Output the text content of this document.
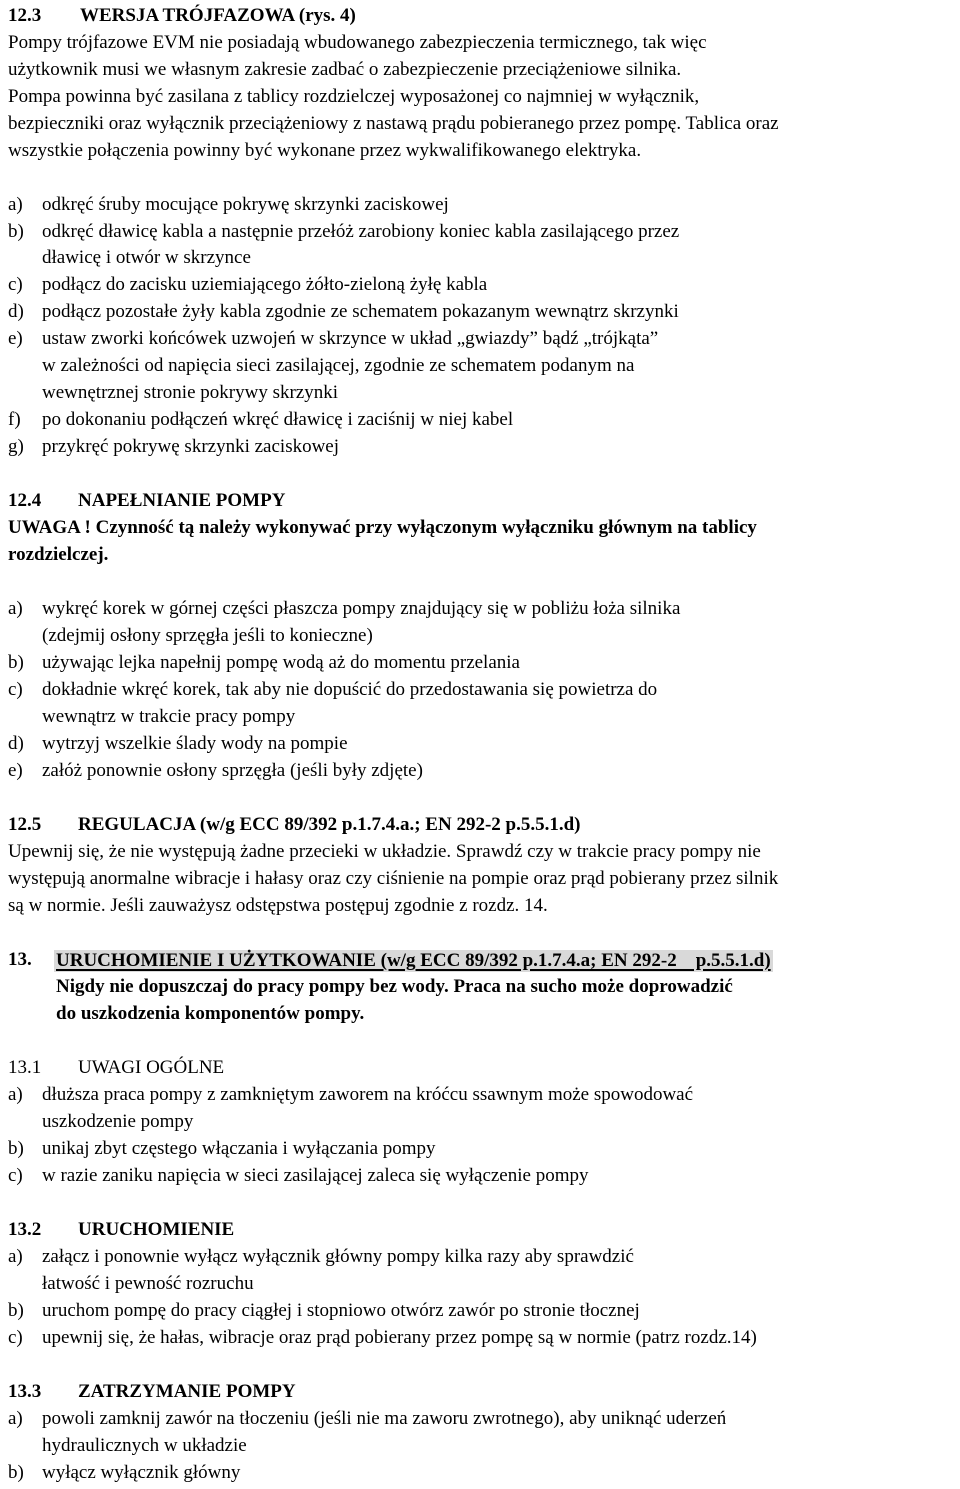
12.3 WERSJA TRÓJFAZOWA (rys. 4)
Pompy trójfazowe EVM nie posiadają wbudowanego zabezpieczenia termicznego, tak więc
użytkownik musi we własnym zakresie zadbać o zabezpieczenie przeciążeniowe silnika.
Pompa powinna być zasilana z tablicy rozdzielczej wyposażonej co najmniej w wyłącznik,
bezpieczniki oraz wyłącznik przeciążeniowy z nastawą prądu pobieranego przez pompę. Tablica oraz
wszystkie połączenia powinny być wykonane przez wykwalifikowanego elektryka.
a) odkręć śruby mocujące pokrywę skrzynki zaciskowej
b) odkręć dławicę kabla a następnie przełóż zarobiony koniec kabla zasilającego przez
dławicę i otwór w skrzynce
c) podłącz do zacisku uziemiającego żółto-zieloną żyłę kabla
d) podłącz pozostałe żyły kabla zgodnie ze schematem pokazanym wewnątrz skrzynki
e) ustaw zworki końcówek uzwojeń w skrzynce w układ „gwiazdy” bądź „trójkąta”
w zależności od napięcia sieci zasilającej, zgodnie ze schematem podanym na
wewnętrznej stronie pokrywy skrzynki
f) po dokonaniu podłączeń wkręć dławicę i zaciśnij w niej kabel
g) przykręć pokrywę skrzynki zaciskowej
12.4 NAPEŁNIANIE POMPY
UWAGA ! Czynność tą należy wykonywać przy wyłączonym wyłączniku głównym na tablicy
rozdzielczej.
a) wykręć korek w górnej części płaszcza pompy znajdujący się w pobliżu łoża silnika
(zdejmij osłony sprzęgła jeśli to konieczne)
b) używając lejka napełnij pompę wodą aż do momentu przelania
c) dokładnie wkręć korek, tak aby nie dopuścić do przedostawania się powietrza do
wewnątrz w trakcie pracy pompy
d) wytrzyj wszelkie ślady wody na pompie
e) załóż ponownie osłony sprzęgła (jeśli były zdjęte)
12.5 REGULACJA (w/g ECC 89/392 p.1.7.4.a.; EN 292-2 p.5.5.1.d)
Upewnij się, że nie występują żadne przecieki w układzie. Sprawdź czy w trakcie pracy pompy nie
występują anormalne wibracje i hałasy oraz czy ciśnienie na pompie oraz prąd pobierany przez silnik
są w normie. Jeśli zauważysz odstępstwa postępuj zgodnie z rozdz. 14.
13. URUCHOMIENIE I UŻYTKOWANIE (w/g ECC 89/392 p.1.7.4.a; EN 292-2    p.5.5.1.d)
Nigdy nie dopuszczaj do pracy pompy bez wody. Praca na sucho może doprowadzić
do uszkodzenia komponentów pompy.
13.1 UWAGI OGÓLNE
a) dłuższa praca pompy z zamkniętym zaworem na króćcu ssawnym może spowodować
uszkodzenie pompy
b) unikaj zbyt częstego włączania i wyłączania pompy
c) w razie zaniku napięcia w sieci zasilającej zaleca się wyłączenie pompy
13.2 URUCHOMIENIE
a) załącz i ponownie wyłącz wyłącznik główny pompy kilka razy aby sprawdzić
łatwość i pewność rozruchu
b) uruchom pompę do pracy ciągłej i stopniowo otwórz zawór po stronie tłocznej
c) upewnij się, że hałas, wibracje oraz prąd pobierany przez pompę są w normie (patrz rozdz.14)
13.3 ZATRZYMANIE POMPY
a) powoli zamknij zawór na tłoczeniu (jeśli nie ma zaworu zwrotnego), aby uniknąć uderzeń
hydraulicznych w układzie
b) wyłącz wyłącznik główny
